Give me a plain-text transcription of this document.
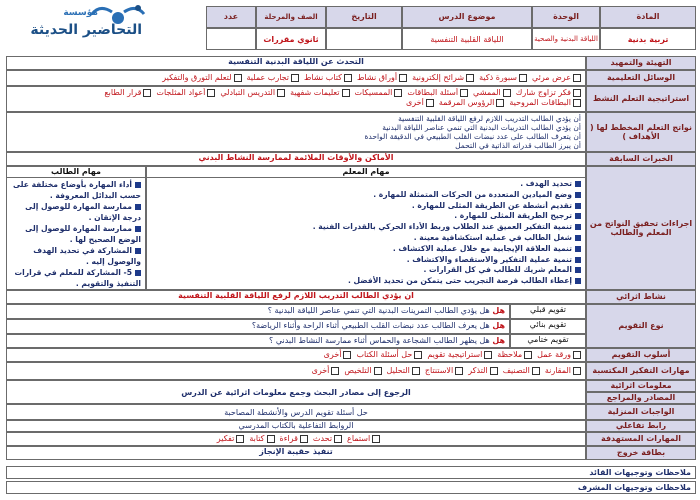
المادة
تربية بدنية
الوحدة
اللياقة البدنية والصحية
موضوع الدرس
اللياقة القلبية التنفسية
التاريخ
الصف والمرحلة
ثانوي مقررات
عدد
مؤسسة
التحاضير الحديثة
التهيئة والتمهيد
التحدث عن اللياقة البدنية التنفسية
الوسائل التعليمية
عرض مرئي
سبورة ذكية
شرائح إلكترونية
أوراق نشاط
كتاب نشاط
تجارب عملية
لتعلم التورق والتفكير
استراتيجية التعلم النشط
قرار الطابع أعواد المثلجات التدريس التبادلي تعليمات شفهية الممسيكات أسئلة البطاقات الممشي فكر تزاوج شارك
البطاقات المروحية
الرؤوس المرقمة
أخرى
نواتج التعلم المخطط لها ( الأهداف )
أن يؤدي الطالب التدريب اللازم لرفع اللياقة القلبية التنفسية
أن يؤدي الطالب التدريبات البدنية التي تنمي عناصر اللياقة البدنية
أن يتعرف الطالب على عدد نبضات القلب الطبيعي في الدقيقة الواحدة
أن يبرز الطالب قدراته الذاتية في التحمل
الخبرات السابقة
الأماكن والأوقات الملائمة لممارسة النشاط البدني
اجراءات تحقيق النواتج من المعلم والطالب
مهام المعلم
تحديد الهدف .
وضع الميادين المتعددة من الحركات المتمثلة للمهارة .
تقديم أنشطة عن الطريقة المثلى للمهارة .
ترجيح الطريقة المثلى للمهارة .
تنمية التفكير العميق عند الطلاب وربط الأداء الحركي بالقدرات الفنية .
شغل الطالب في عملية استكشافية معينة .
تنمية العلاقة الإيجابية مع خلال عملية الاكتشاف .
تنمية عملية التفكير والاستقصاء والاكتشاف .
المعلم شريك للطالب في كل القرارات .
إعطاء الطالب فرصة التجريب حتى يتمكن من تحديد الأفضل .
مهام الطالب
أداء المهارة بأوضاع مختلفة على حسب البدائل المعروفة .
ممارسة المهارة للوصول إلى درجة الإتقان .
ممارسة المهارة للوصول إلى الوضع الصحيح لها .
المشاركة في تحديد الهدف والوصول إليه .
5- المشاركة للمعلم في قرارات التنفيذ والتقويم .
نشاط اثرائي
ان يؤدي الطالب التدريب اللازم لرفع اللياقة القلبية التنفسية
نوع التقويم
تقويم قبلي
هل هل يؤدي الطالب التمرينات البدنية التي تنمي عناصر اللياقة البدنية ؟
تقويم بنائي
هل هل يعرف الطالب عدد نبضات القلب الطبيعي أثناء الراحة وأثناء الرياضة؟
تقويم ختامي
هل هل يظهر الطالب الشجاعة والحماس أثناء ممارسة النشاط البدني ؟
أسلوب التقويم
ورقة عمل
ملاحظة
استراتيجية تقويم
حل أسئلة الكتاب
أخرى
مهارات التفكير المكتسبة
المقارنة
التصنيف
التذكر
الاستنتاج
التحليل
التلخيص
أخرى
معلومات اثرائية
المصادر والمراجع
الرجوع إلى مصادر البحث وجمع معلومات اثرائية عن الدرس
الواجبات المنزلية
حل أسئلة تقويم الدرس والأنشطة المصاحبة
رابط تفاعلي
الروابط التفاعلية بالكتاب المدرسي
المهارات المستهدفة
استماع
تحدث
قراءة
كتابة
تفكير
بطاقة خروج
تنفيذ حقيبة الإنجاز
ملاحظات وتوجيهات القائد
ملاحظات وتوجيهات المشرف
